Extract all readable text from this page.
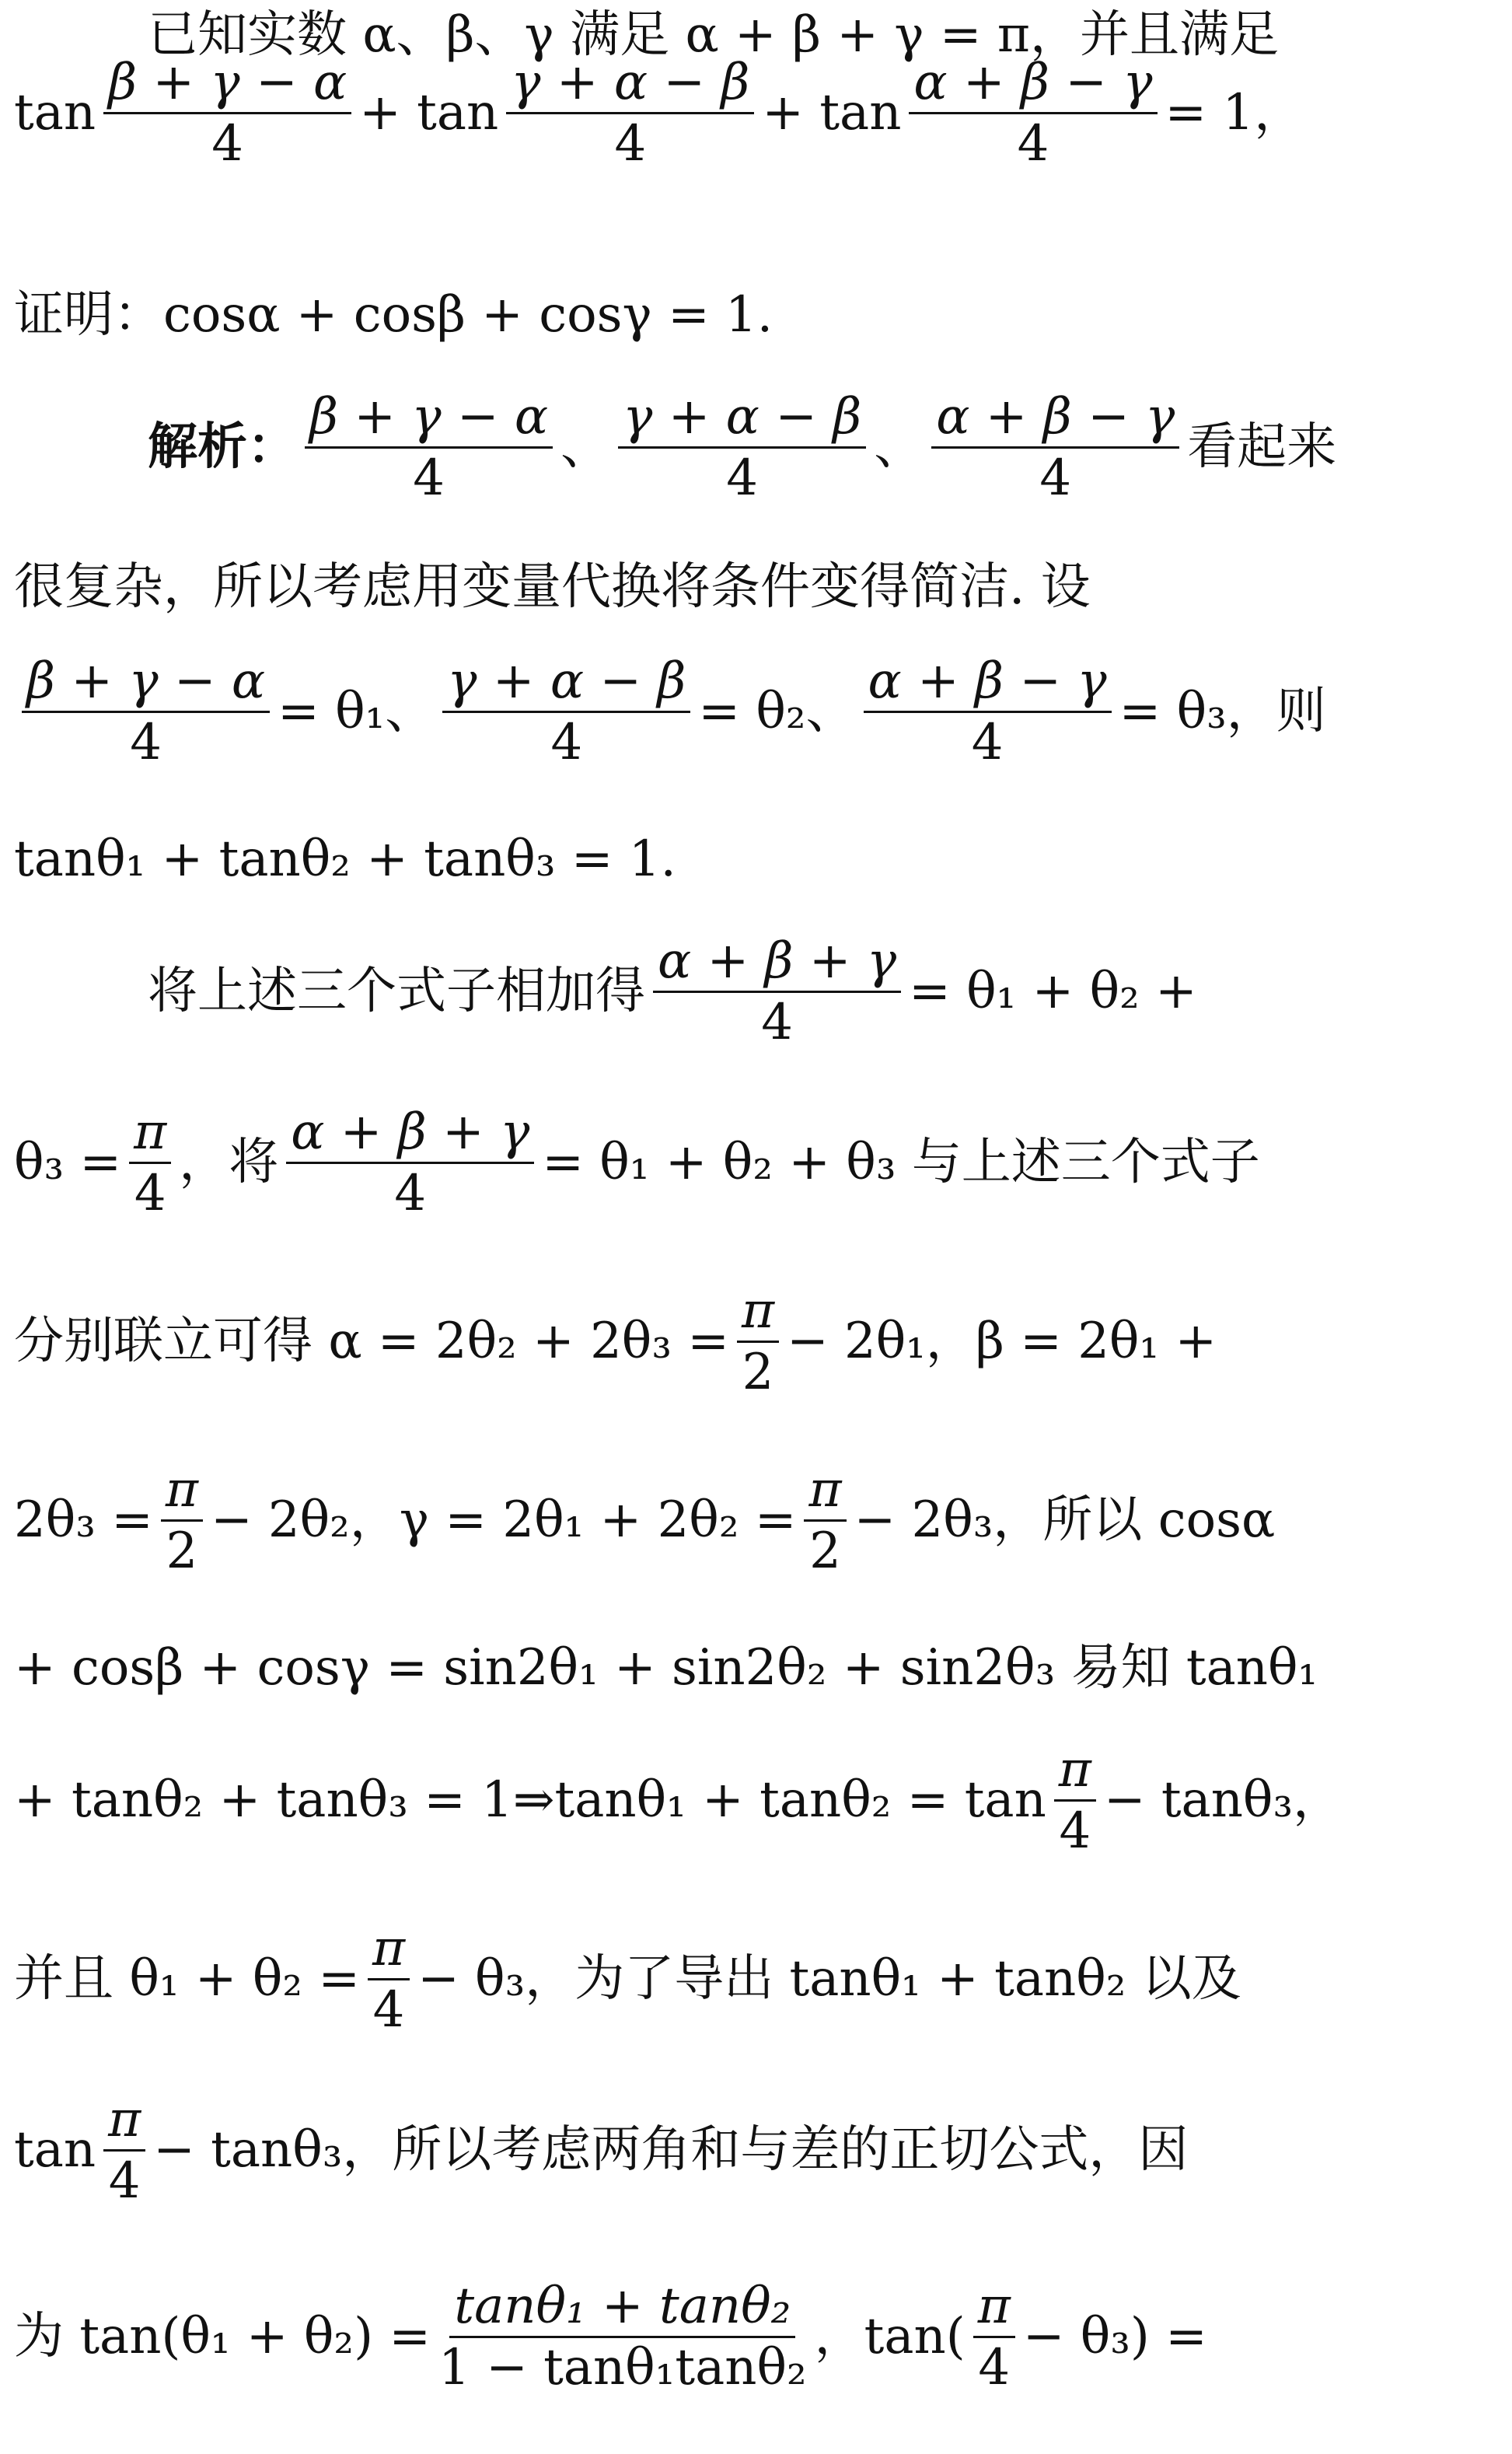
已知实数 α、β、γ 满足 α + β + γ = π，并且满足
$\tan \frac{\beta + \gamma - \alpha}{4} + \tan \frac{\gamma + \alpha - \beta}{4} + \tan \frac{\alpha + \beta - \gamma}{4} = 1$，
证明：cosα + cosβ + cosγ = 1.
解析： $\frac{\beta + \gamma - \alpha}{4}$ 、 $\frac{\gamma + \alpha - \beta}{4}$ 、 $\frac{\alpha + \beta - \gamma}{4}$ 看起来
很复杂，所以考虑用变量代换将条件变得简洁. 设
$\frac{\beta + \gamma - \alpha}{4} = \theta_1$、 $\frac{\gamma + \alpha - \beta}{4} = \theta_2$、 $\frac{\alpha + \beta - \gamma}{4} = \theta_3$，则
tanθ₁ + tanθ₂ + tanθ₃ = 1.
将上述三个式子相加得 $\frac{\alpha + \beta + \gamma}{4} = \theta_1 + \theta_2$ +
$\theta_3 = \frac{\pi}{4}$ ，将 $\frac{\alpha + \beta + \gamma}{4} = \theta_1 + \theta_2 + \theta_3$ 与上述三个式子
分别联立可得 $\alpha = 2\theta_2 + 2\theta_3 = \frac{\pi}{2} - 2\theta_1$，β = 2θ₁ +
$2\theta_3 = \frac{\pi}{2} - 2\theta_2$，$\gamma = 2\theta_1 + 2\theta_2 = \frac{\pi}{2} - 2\theta_3$，所以 cosα
+ cosβ + cosγ = sin2θ₁ + sin2θ₂ + sin2θ₃ 易知 tanθ₁
+ tanθ₂ + tanθ₃ = 1⇒tanθ₁ + $\tan\theta_2 = \tan \frac{\pi}{4} - \tan\theta_3$，
并且 $\theta_1 + \theta_2 = \frac{\pi}{4} - \theta_3$，为了导出 tanθ₁ + tanθ₂ 以及
$\tan \frac{\pi}{4} - \tan\theta_3$，所以考虑两角和与差的正切公式，因
为 $\tan(\theta_1 + \theta_2) = \frac{\text{tanθ₁ + tanθ₂}}{\text{1 − tanθ₁tanθ₂}}$ ，$\tan( \frac{\pi}{4} - \theta_3)$ =
